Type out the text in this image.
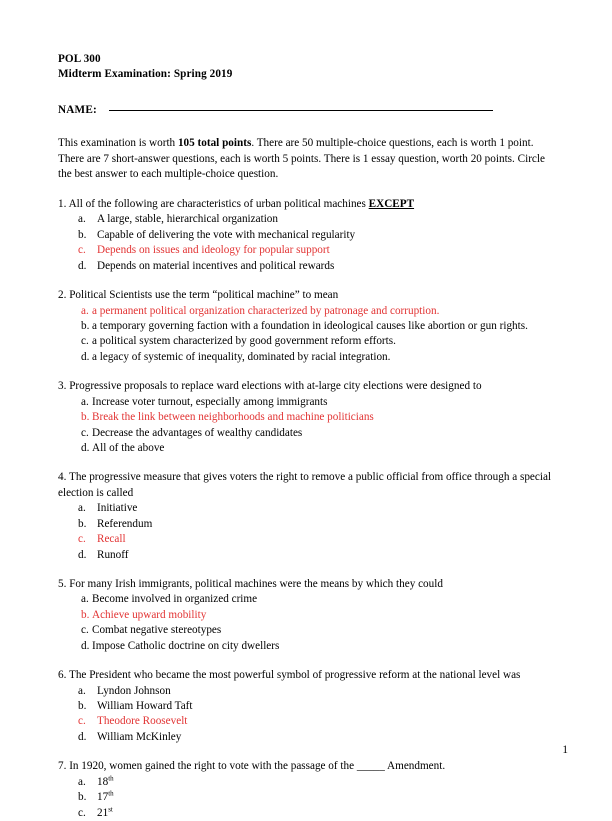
POL 300
Midterm Examination: Spring 2019
NAME:

This examination is worth 105 total points. There are 50 multiple-choice questions, each is worth 1 point. There are 7 short-answer questions, each is worth 5 points. There is 1 essay question, worth 20 points. Circle the best answer to each multiple-choice question.

1. All of the following are characteristics of urban political machines EXCEPT
a.	A large, stable, hierarchical organization
b. Capable of delivering the vote with mechanical regularity
c.	Depends on issues and ideology for popular support
d. Depends on material incentives and political rewards
2. Political Scientists use the term “political machine” to mean
a. a permanent political organization characterized by patronage and corruption.
b. a temporary governing faction with a foundation in ideological causes like abortion or gun rights.
c. a political system characterized by good government reform efforts.
d. a legacy of systemic of inequality, dominated by racial integration.
3. Progressive proposals to replace ward elections with at-large city elections were designed to
a. Increase voter turnout, especially among immigrants
b. Break the link between neighborhoods and machine politicians
c. Decrease the advantages of wealthy candidates
d. All of the above
4. The progressive measure that gives voters the right to remove a public official from office through a special election is called
a.	Initiative
b. Referendum
c.	Recall
d. Runoff
5. For many Irish immigrants, political machines were the means by which they could
a. Become involved in organized crime
b. Achieve upward mobility
c. Combat negative stereotypes
d. Impose Catholic doctrine on city dwellers
6. The President who became the most powerful symbol of progressive reform at the national level was
a.	Lyndon Johnson
b. William Howard Taft
c.	Theodore Roosevelt
d. William McKinley
7. In 1920, women gained the right to vote with the passage of the _____ Amendment.
a.	18th
b. 17th
c.	21st
1
